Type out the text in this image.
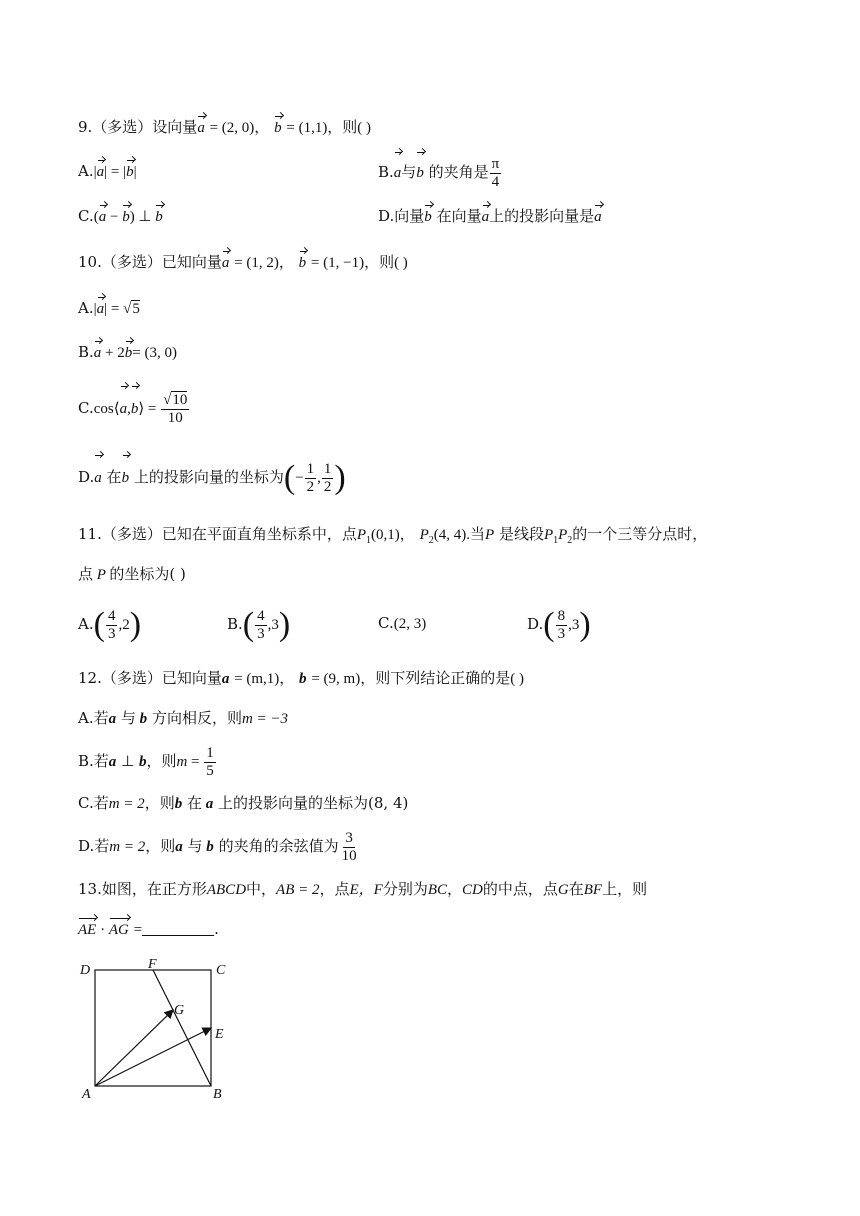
9.（多选）设向量a = (2, 0)， b = (1,1)，则( )
A.|a| = |b|	B.a与b 的夹角是 $\frac{\pi}{4}$
C.(a − b) ⊥ b	D.向量b 在向量a上的投影向量是a
10.（多选）已知向量a = (1, 2)， b = (1, −1)，则( )
A.|a| = √5
B.a + 2b= (3, 0)
C.cos⟨a,b⟩ = $\frac{√10}{10}$
D.a 在b 上的投影向量的坐标为(− $\frac{1}{2}$ , $\frac{1}{2}$ )
11.（多选）已知在平面直角坐标系中，点$P_1(0,1)$， $P_2(4$, 4).当P 是线段$P_1P_2$的一个三等分点时，
点 P 的坐标为( )
$A.( \frac{4}{3} ,2)$	$B.( \frac{4}{3} ,3)$	C.(2, 3)	$D.( \frac{8}{3} ,3)$
12.（多选）已知向量a = (m,1)， b = (9, m)，则下列结论正确的是( )
A.若a 与 b 方向相反，则m = −3
B.若a ⊥ b，则$m = \frac{1}{5}$
C.若m = 2，则b 在 a 上的投影向量的坐标为(8, 4)
D.若m = 2，则a 与 b 的夹角的余弦值为 $\frac{3}{10}$
13.如图，在正方形ABCD中，AB = 2，点E，F分别为BC，CD的中点，点G在BF上，则
AE · AG =	.
D	F	C
G
E
A	B
